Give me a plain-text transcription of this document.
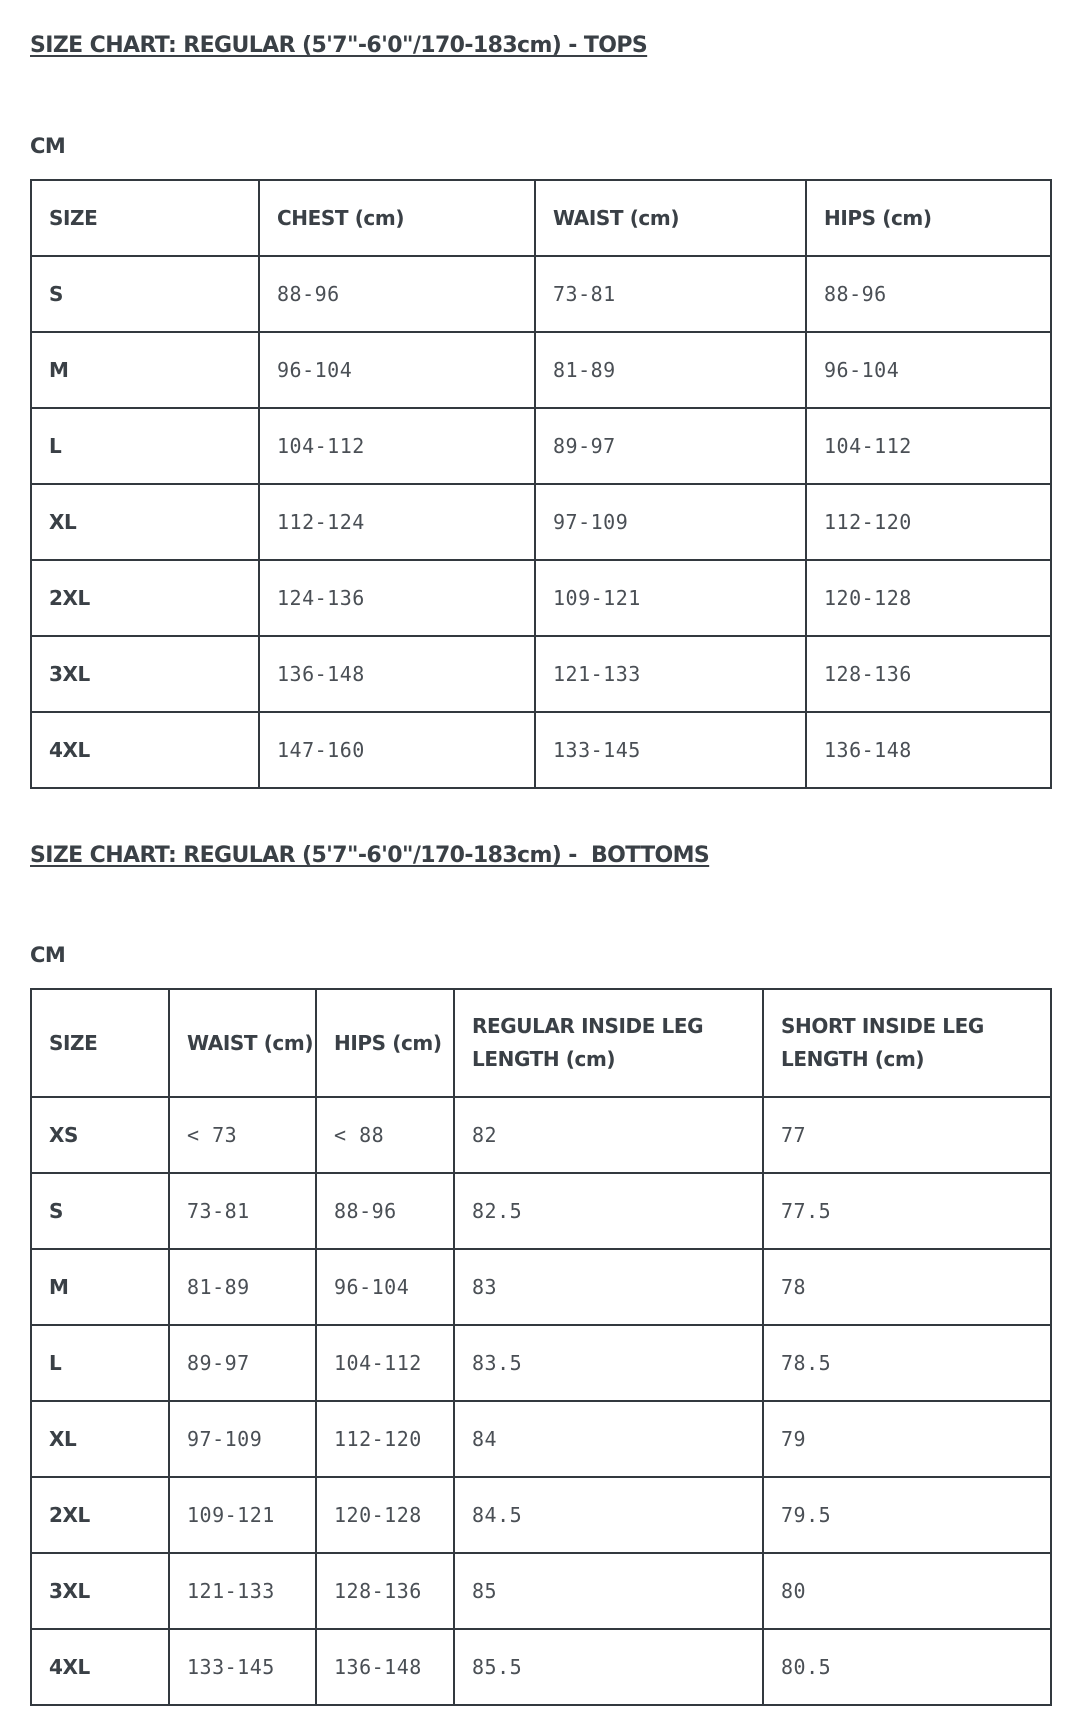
SIZE CHART: REGULAR (5'7"-6'0"/170-183cm) - TOPS
CM
SIZE	CHEST (cm)	WAIST (cm)	HIPS (cm)
S	88-96	73-81	88-96
M	96-104	81-89	96-104
L	104-112	89-97	104-112
XL	112-124	97-109	112-120
2XL	124-136	109-121	120-128
3XL	136-148	121-133	128-136
4XL	147-160	133-145	136-148
SIZE CHART: REGULAR (5'7"-6'0"/170-183cm) -  BOTTOMS
CM
SIZE	WAIST (cm)	HIPS (cm)	REGULAR INSIDE LEG LENGTH (cm)	SHORT INSIDE LEG LENGTH (cm)
XS	< 73	< 88	82	77
S	73-81	88-96	82.5	77.5
M	81-89	96-104	83	78
L	89-97	104-112	83.5	78.5
XL	97-109	112-120	84	79
2XL	109-121	120-128	84.5	79.5
3XL	121-133	128-136	85	80
4XL	133-145	136-148	85.5	80.5
